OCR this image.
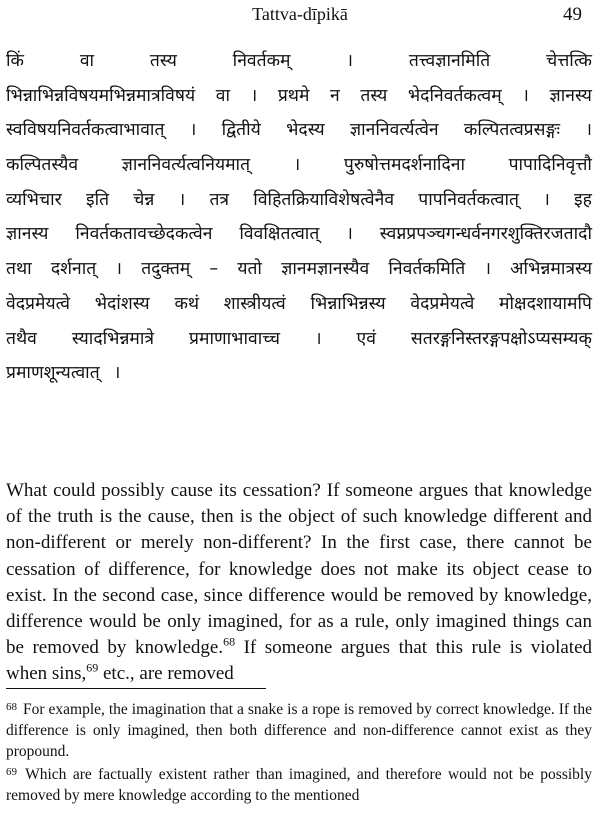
Tattva-dīpikā	49
किं	वा	तस्य	निवर्तकम्	।	तत्त्वज्ञानमिति	चेत्तत्कि
भिन्नाभिन्नविषयमभिन्नमात्रविषयं वा । प्रथमे न तस्य भेदनिवर्तकत्वम् । ज्ञानस्य
स्वविषयनिवर्तकत्वाभावात् । द्वितीये भेदस्य ज्ञाननिवर्त्यत्वेन कल्पितत्वप्रसङ्गः ।
कल्पितस्यैव ज्ञाननिवर्त्यत्वनियमात् । पुरुषोत्तमदर्शनादिना पापादिनिवृत्तौ
व्यभिचार इति चेन्न । तत्र विहितक्रियाविशेषत्वेनैव पापनिवर्तकत्वात् । इह
ज्ञानस्य निवर्तकतावच्छेदकत्वेन विवक्षितत्वात् । स्वप्नप्रपञ्चगन्धर्वनगरशुक्तिरजतादौ
तथा दर्शनात् । तदुक्तम् – यतो ज्ञानमज्ञानस्यैव निवर्तकमिति । अभिन्नमात्रस्य
वेदप्रमेयत्वे भेदांशस्य कथं शास्त्रीयत्वं भिन्नाभिन्नस्य वेदप्रमेयत्वे मोक्षदशायामपि
तथैव स्यादभिन्नमात्रे प्रमाणाभावाच्च । एवं सतरङ्गनिस्तरङ्गपक्षोऽप्यसम्यक्
प्रमाणशून्यत्वात् ।

What could possibly cause its cessation? If someone argues that knowledge of the truth is the cause, then is the object of such knowledge different and non-different or merely non-different? In the first case, there cannot be cessation of difference, for knowledge does not make its object cease to exist. In the second case, since difference would be removed by knowledge, difference would be only imagined, for as a rule, only imagined things can be removed by knowledge.$^{68}$ If someone argues that this rule is violated when sins,$^{69}$ etc., are removed

$^{68}$ For example, the imagination that a snake is a rope is removed by correct knowledge. If the difference is only imagined, then both difference and non-difference cannot exist as they propound.

$^{69}$ Which are factually existent rather than imagined, and therefore would not be possibly removed by mere knowledge according to the mentioned
